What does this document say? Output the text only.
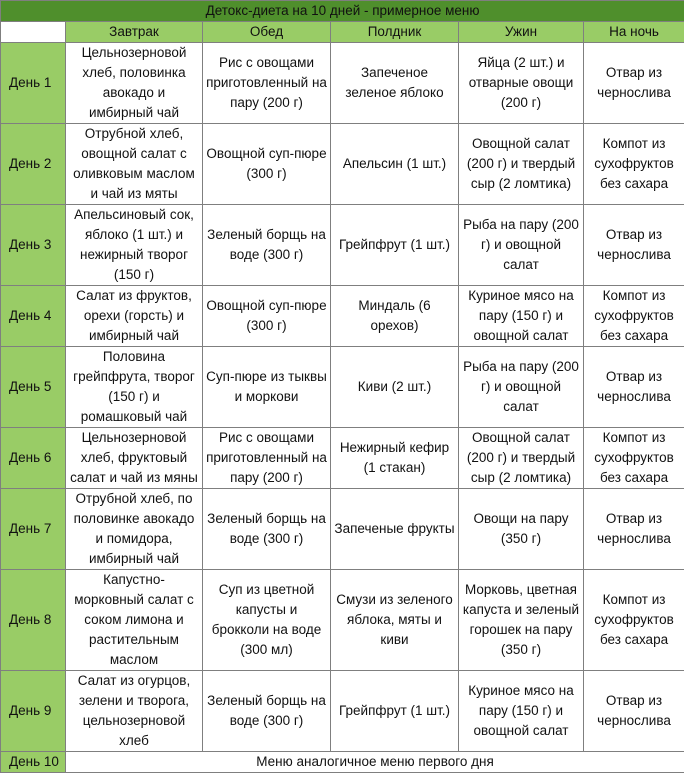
Детокс-диета на 10 дней - примерное меню					
	Завтрак	Обед	Полдник	Ужин	На ночь
День 1	Цельнозерновой хлеб, половинка авокадо и имбирный чай	Рис с овощами приготовленный на пару (200 г)	Запеченое зеленое яблоко	Яйца (2 шт.) и отварные овощи (200 г)	Отвар из чернослива
День 2	Отрубной хлеб, овощной салат с оливковым маслом и чай из мяты	Овощной суп-пюре (300 г)	Апельсин (1 шт.)	Овощной салат (200 г) и твердый сыр (2 ломтика)	Компот из сухофруктов без сахара
День 3	Апельсиновый сок, яблоко (1 шт.) и нежирный творог (150 г)	Зеленый борщь на воде (300 г)	Грейпфрут (1 шт.)	Рыба на пару (200 г) и овощной салат	Отвар из чернослива
День 4	Салат из фруктов, орехи (горсть) и имбирный чай	Овощной суп-пюре (300 г)	Миндаль (6 орехов)	Куриное мясо на пару (150 г) и овощной салат	Компот из сухофруктов без сахара
День 5	Половина грейпфрута, творог (150 г) и ромашковый чай	Суп-пюре из тыквы и моркови	Киви (2 шт.)	Рыба на пару (200 г) и овощной салат	Отвар из чернослива
День 6	Цельнозерновой хлеб, фруктовый салат и чай из мяны	Рис с овощами приготовленный на пару (200 г)	Нежирный кефир (1 стакан)	Овощной салат (200 г) и твердый сыр (2 ломтика)	Компот из сухофруктов без сахара
День 7	Отрубной хлеб, по половинке авокадо и помидора, имбирный чай	Зеленый борщь на воде (300 г)	Запеченые фрукты	Овощи на пару (350 г)	Отвар из чернослива
День 8	Капустно-морковный салат с соком лимона и растительным маслом	Суп из цветной капусты и брокколи на воде (300 мл)	Смузи из зеленого яблока, мяты и киви	Морковь, цветная капуста и зеленый горошек на пару (350 г)	Компот из сухофруктов без сахара
День 9	Салат из огурцов, зелени и творога, цельнозерновой хлеб	Зеленый борщь на воде (300 г)	Грейпфрут (1 шт.)	Куриное мясо на пару (150 г) и овощной салат	Отвар из чернослива
День 10	Меню аналогичное меню первого дня				
